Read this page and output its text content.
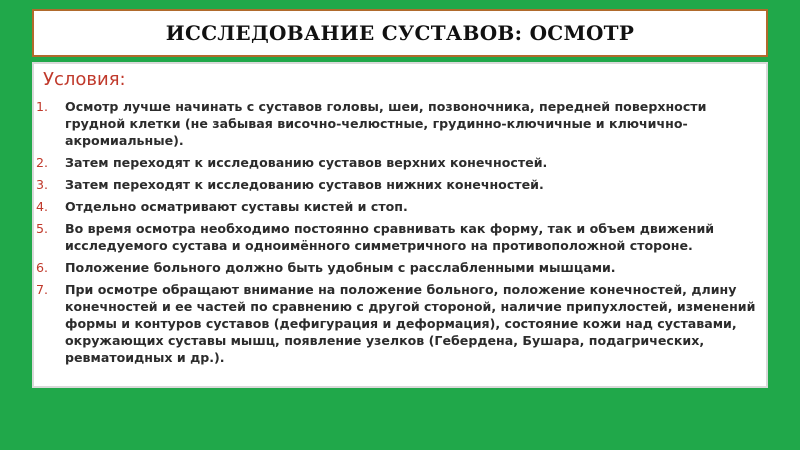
ИССЛЕДОВАНИЕ СУСТАВОВ: ОСМОТР
Условия:
1. Осмотр лучше начинать с суставов головы, шеи, позвоночника, передней поверхности грудной клетки (не забывая височно-челюстные, грудинно-ключичные и ключично-акромиальные).
2. Затем переходят к исследованию суставов верхних конечностей.
3. Затем переходят к исследованию суставов нижних конечностей.
4. Отдельно осматривают суставы кистей и стоп.
5. Во время осмотра необходимо постоянно сравнивать как форму, так и объем движений исследуемого сустава и одноимённого симметричного на противоположной стороне.
6. Положение больного должно быть удобным с расслабленными мышцами.
7. При осмотре обращают внимание на положение больного, положение конечностей, длину конечностей и ее частей по сравнению с другой стороной, наличие припухлостей, изменений формы и контуров суставов (дефигурация и деформация), состояние кожи над суставами, окружающих суставы мышц, появление узелков (Гебердена, Бушара, подагрических, ревматоидных и др.).
